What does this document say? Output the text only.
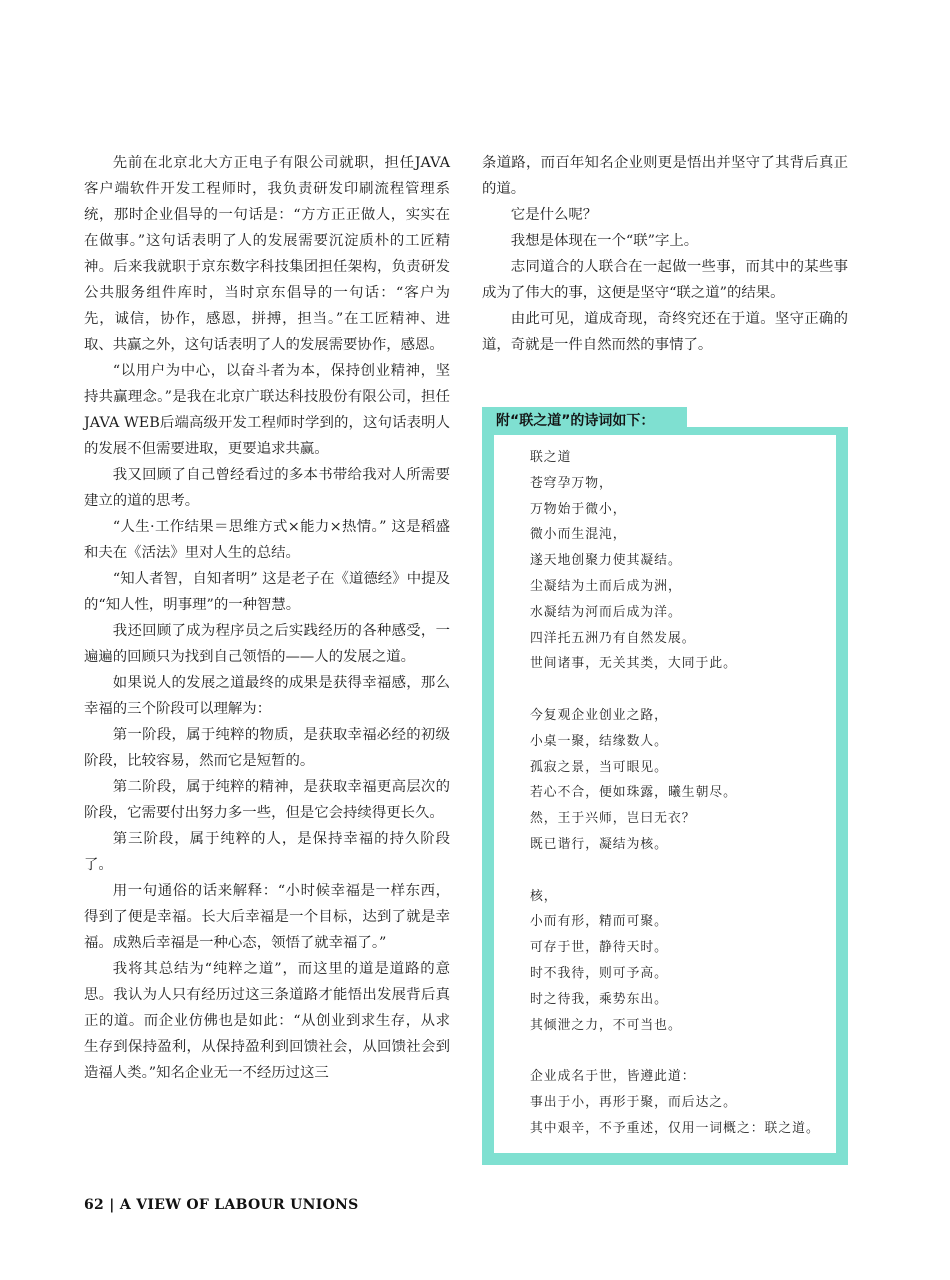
先前在北京北大方正电子有限公司就职，担任JAVA客户端软件开发工程师时，我负责研发印刷流程管理系统，那时企业倡导的一句话是：“方方正正做人，实实在在做事。”这句话表明了人的发展需要沉淀质朴的工匠精神。后来我就职于京东数字科技集团担任架构，负责研发公共服务组件库时，当时京东倡导的一句话：“客户为先，诚信，协作，感恩，拼搏，担当。”在工匠精神、进取、共赢之外，这句话表明了人的发展需要协作，感恩。

“以用户为中心，以奋斗者为本，保持创业精神，坚持共赢理念。”是我在北京广联达科技股份有限公司，担任JAVA WEB后端高级开发工程师时学到的，这句话表明人的发展不但需要进取，更要追求共赢。

我又回顾了自己曾经看过的多本书带给我对人所需要建立的道的思考。

“人生·工作结果＝思维方式×能力×热情。” 这是稻盛和夫在《活法》里对人生的总结。

“知人者智，自知者明” 这是老子在《道德经》中提及的“知人性，明事理”的一种智慧。

我还回顾了成为程序员之后实践经历的各种感受，一遍遍的回顾只为找到自己领悟的——人的发展之道。

如果说人的发展之道最终的成果是获得幸福感，那么幸福的三个阶段可以理解为：

第一阶段，属于纯粹的物质，是获取幸福必经的初级阶段，比较容易，然而它是短暂的。

第二阶段，属于纯粹的精神，是获取幸福更高层次的阶段，它需要付出努力多一些，但是它会持续得更长久。

第三阶段，属于纯粹的人，是保持幸福的持久阶段了。

用一句通俗的话来解释：“小时候幸福是一样东西，得到了便是幸福。长大后幸福是一个目标，达到了就是幸福。成熟后幸福是一种心态，领悟了就幸福了。”

我将其总结为“纯粹之道”，而这里的道是道路的意思。我认为人只有经历过这三条道路才能悟出发展背后真正的道。而企业仿佛也是如此：“从创业到求生存，从求生存到保持盈利，从保持盈利到回馈社会，从回馈社会到造福人类。”知名企业无一不经历过这三

条道路，而百年知名企业则更是悟出并坚守了其背后真正的道。

它是什么呢？

我想是体现在一个“联”字上。

志同道合的人联合在一起做一些事，而其中的某些事成为了伟大的事，这便是坚守“联之道”的结果。

由此可见，道成奇现，奇终究还在于道。坚守正确的道，奇就是一件自然而然的事情了。

附“联之道”的诗词如下：
联之道
苍穹孕万物，
万物始于微小，
微小而生混沌，
遂天地创聚力使其凝结。
尘凝结为土而后成为洲，
水凝结为河而后成为洋。
四洋托五洲乃有自然发展。
世间诸事，无关其类，大同于此。
今复观企业创业之路，
小桌一聚，结缘数人。
孤寂之景，当可眼见。
若心不合，便如珠露，曦生朝尽。
然，王于兴师，岂曰无衣？
既已谐行，凝结为核。
核，
小而有形，精而可聚。
可存于世，静待天时。
时不我待，则可予高。
时之待我，乘势东出。
其倾泄之力，不可当也。
企业成名于世，皆遵此道：
事出于小，再形于聚，而后达之。
其中艰辛，不予重述，仅用一词概之：联之道。
62 | A VIEW OF LABOUR UNIONS
